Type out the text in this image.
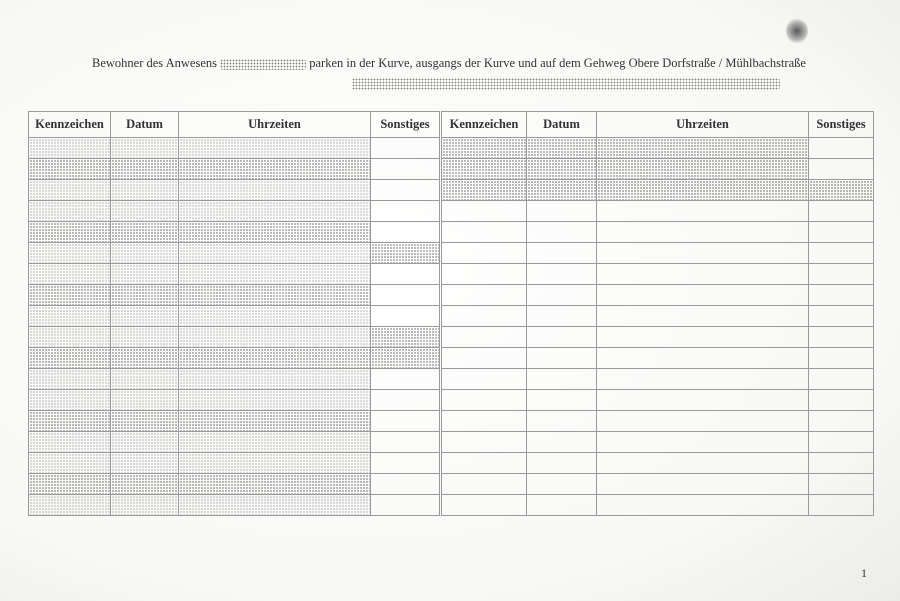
Bewohner des Anwesens	parken in der Kurve, ausgangs der Kurve und auf dem Gehweg Obere Dorfstraße / Mühlbachstraße
Kennzeichen	Datum	Uhrzeiten	Sonstiges	Kennzeichen	Datum	Uhrzeiten	Sonstiges

1
